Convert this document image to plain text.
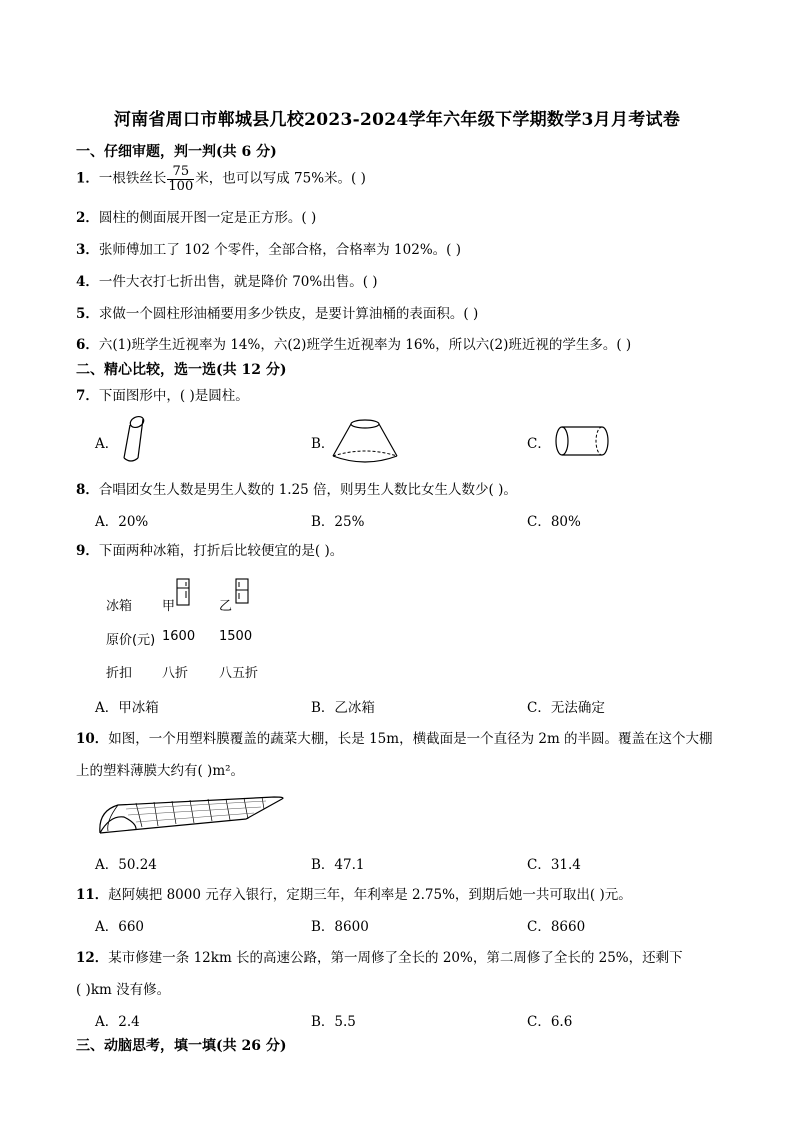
河南省周口市郸城县几校2023-2024学年六年级下学期数学3月月考试卷
一、仔细审题，判一判(共 6 分)
1．一根铁丝长 $\frac{75}{100}$ 米，也可以写成 75%米。( )
2．圆柱的侧面展开图一定是正方形。( )
3．张师傅加工了 102 个零件，全部合格，合格率为 102%。( )
4．一件大衣打七折出售，就是降价 70%出售。( )
5．求做一个圆柱形油桶要用多少铁皮，是要计算油桶的表面积。( )
6．六(1)班学生近视率为 14%，六(2)班学生近视率为 16%，所以六(2)班近视的学生多。( )
二、精心比较，选一选(共 12 分)
7．下面图形中，( )是圆柱。
A．	B．	C．
8．合唱团女生人数是男生人数的 1.25 倍，则男生人数比女生人数少( )。
A．20%	B．25%	C．80%
9．下面两种冰箱，打折后比较便宜的是( )。
冰箱 甲	乙
原价(元) 1600 1500
折扣 八折 八五折
A．甲冰箱	B．乙冰箱	C．无法确定
10．如图，一个用塑料膜覆盖的蔬菜大棚，长是 15m，横截面是一个直径为 2m 的半圆。覆盖在这个大棚
上的塑料薄膜大约有( )m²。
A．50.24	B．47.1	C．31.4
11．赵阿姨把 8000 元存入银行，定期三年，年利率是 2.75%，到期后她一共可取出( )元。
A．660	B．8600	C．8660
12．某市修建一条 12km 长的高速公路，第一周修了全长的 20%，第二周修了全长的 25%，还剩下
( )km 没有修。
A．2.4	B．5.5	C．6.6
三、动脑思考，填一填(共 26 分)
